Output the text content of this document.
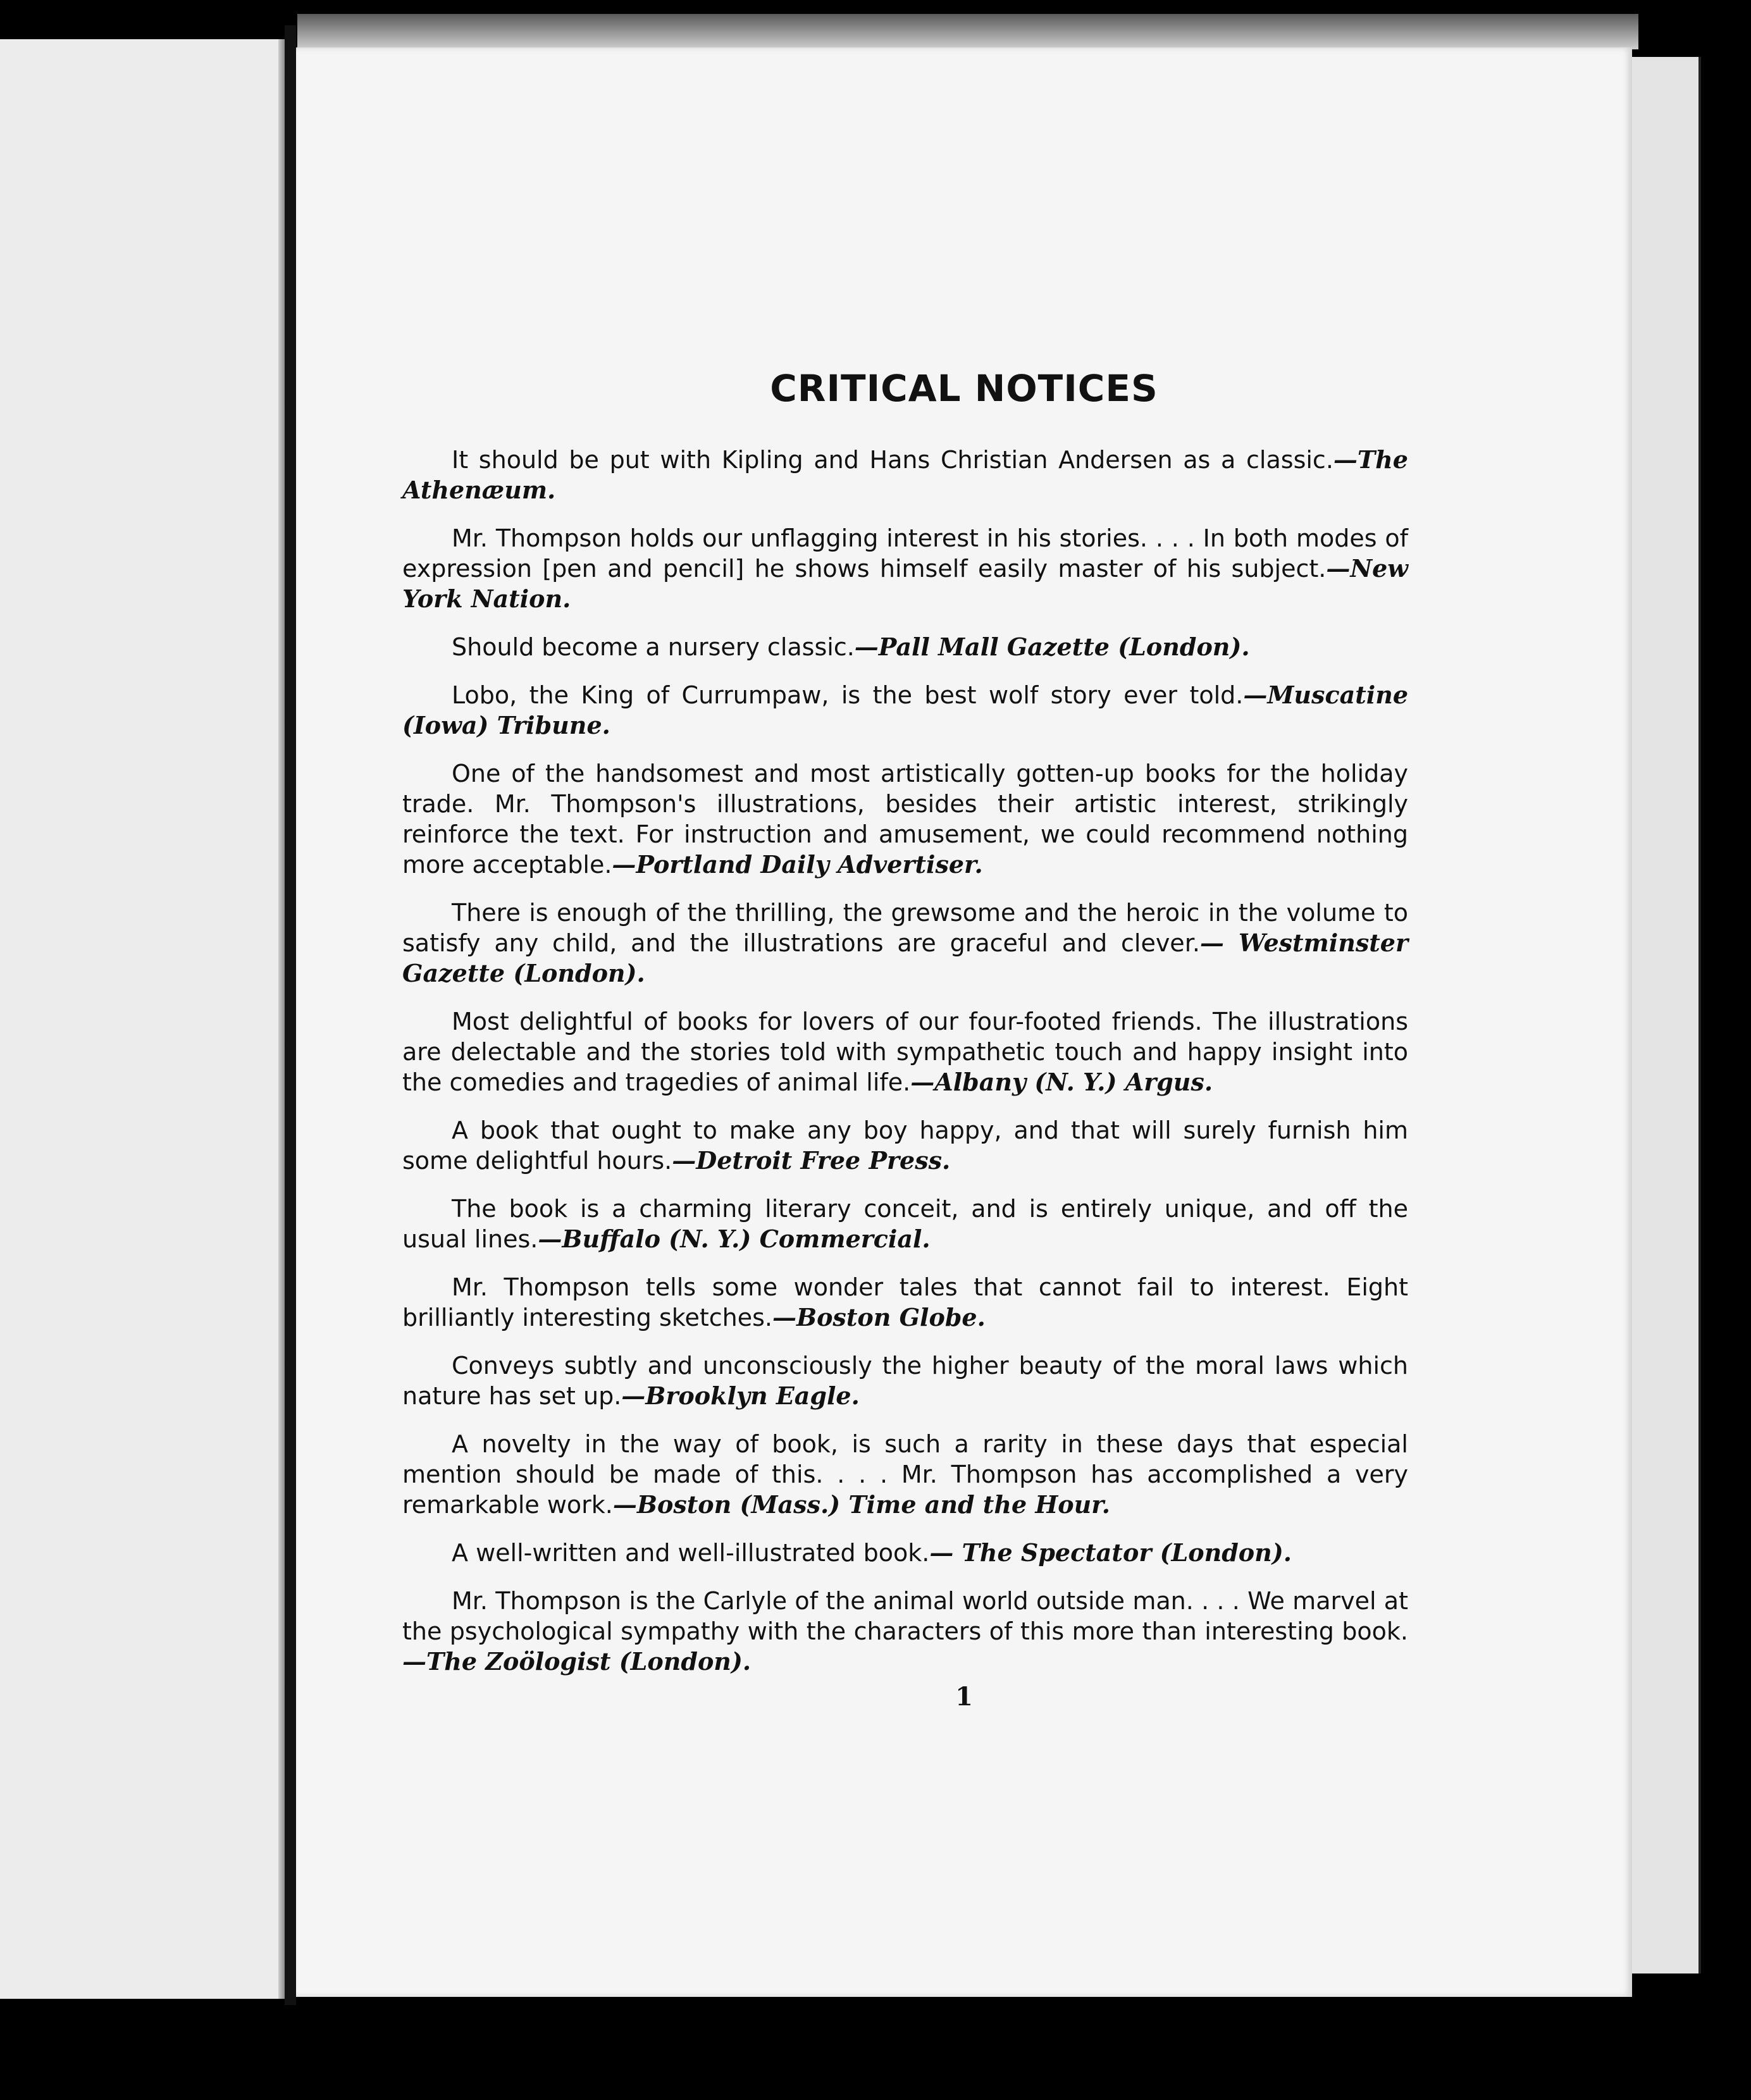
CRITICAL NOTICES

It should be put with Kipling and Hans Christian Andersen as a classic.—The Athenæum.

Mr. Thompson holds our unflagging interest in his stories. . . . In both modes of expression [pen and pencil] he shows himself easily master of his subject.—New York Nation.

Should become a nursery classic.—Pall Mall Gazette (London).

Lobo, the King of Currumpaw, is the best wolf story ever told.—Muscatine (Iowa) Tribune.

One of the handsomest and most artistically gotten-up books for the holiday trade. Mr. Thompson's illustrations, besides their artistic interest, strikingly reinforce the text. For instruction and amusement, we could recommend nothing more acceptable.—Portland Daily Advertiser.

There is enough of the thrilling, the grewsome and the heroic in the volume to satisfy any child, and the illustrations are graceful and clever.— Westminster Gazette (London).

Most delightful of books for lovers of our four-footed friends. The illustrations are delectable and the stories told with sympathetic touch and happy insight into the comedies and tragedies of animal life.—Albany (N. Y.) Argus.

A book that ought to make any boy happy, and that will surely furnish him some delightful hours.—Detroit Free Press.

The book is a charming literary conceit, and is entirely unique, and off the usual lines.—Buffalo (N. Y.) Commercial.

Mr. Thompson tells some wonder tales that cannot fail to interest. Eight brilliantly interesting sketches.—Boston Globe.

Conveys subtly and unconsciously the higher beauty of the moral laws which nature has set up.—Brooklyn Eagle.

A novelty in the way of book, is such a rarity in these days that especial mention should be made of this. . . . Mr. Thompson has accomplished a very remarkable work.—Boston (Mass.) Time and the Hour.

A well-written and well-illustrated book.— The Spectator (London).

Mr. Thompson is the Carlyle of the animal world outside man. . . . We marvel at the psychological sympathy with the characters of this more than interesting book.—The Zoölogist (London).

1
